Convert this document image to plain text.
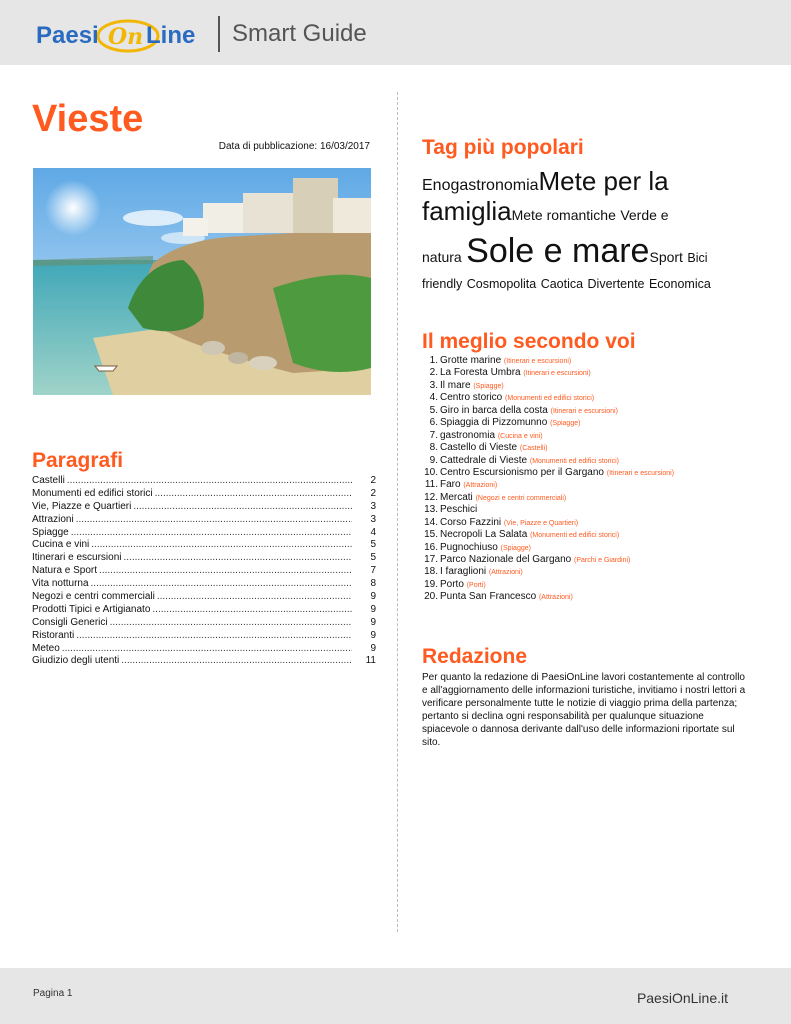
Paesi On Line Smart Guide
Vieste
Data di pubblicazione: 16/03/2017
Paragrafi
Castelli .....	2
Monumenti ed edifici storici .....	2
Vie, Piazze e Quartieri .....	3
Attrazioni .....	3
Spiagge .....	4
Cucina e vini .....	5
Itinerari e escursioni .....	5
Natura e Sport .....	7
Vita notturna .....	8
Negozi e centri commerciali .....	9
Prodotti Tipici e Artigianato .....	9
Consigli Generici .....	9
Ristoranti .....	9
Meteo .....	9
Giudizio degli utenti .....	11
Tag più popolari
EnogastronomiaMete per la
famigliaMete romantiche Verde e
natura Sole e mareSport Bici
friendly Cosmopolita Caotica Divertente Economica
Il meglio secondo voi
1. Grotte marine (Itinerari e escursioni)
2. La Foresta Umbra (Itinerari e escursioni)
3. Il mare (Spiagge)
4. Centro storico (Monumenti ed edifici storici)
5. Giro in barca della costa (Itinerari e escursioni)
6. Spiaggia di Pizzomunno (Spiagge)
7. gastronomia (Cucina e vini)
8. Castello di Vieste (Castelli)
9. Cattedrale di Vieste (Monumenti ed edifici storici)
10. Centro Escursionismo per il Gargano (Itinerari e escursioni)
11. Faro (Attrazioni)
12. Mercati (Negozi e centri commerciali)
13. Peschici
14. Corso Fazzini (Vie, Piazze e Quartieri)
15. Necropoli La Salata (Monumenti ed edifici storici)
16. Pugnochiuso (Spiagge)
17. Parco Nazionale del Gargano (Parchi e Giardini)
18. I faraglioni (Attrazioni)
19. Porto (Porti)
20. Punta San Francesco (Attrazioni)
Redazione
Per quanto la redazione di PaesiOnLine lavori costantemente al controllo
e all'aggiornamento delle informazioni turistiche, invitiamo i nostri lettori a
verificare personalmente tutte le notizie di viaggio prima della partenza;
pertanto si declina ogni responsabilità per qualunque situazione
spiacevole o dannosa derivante dall'uso delle informazioni riportate sul
sito.
Pagina 1	PaesiOnLine.it
